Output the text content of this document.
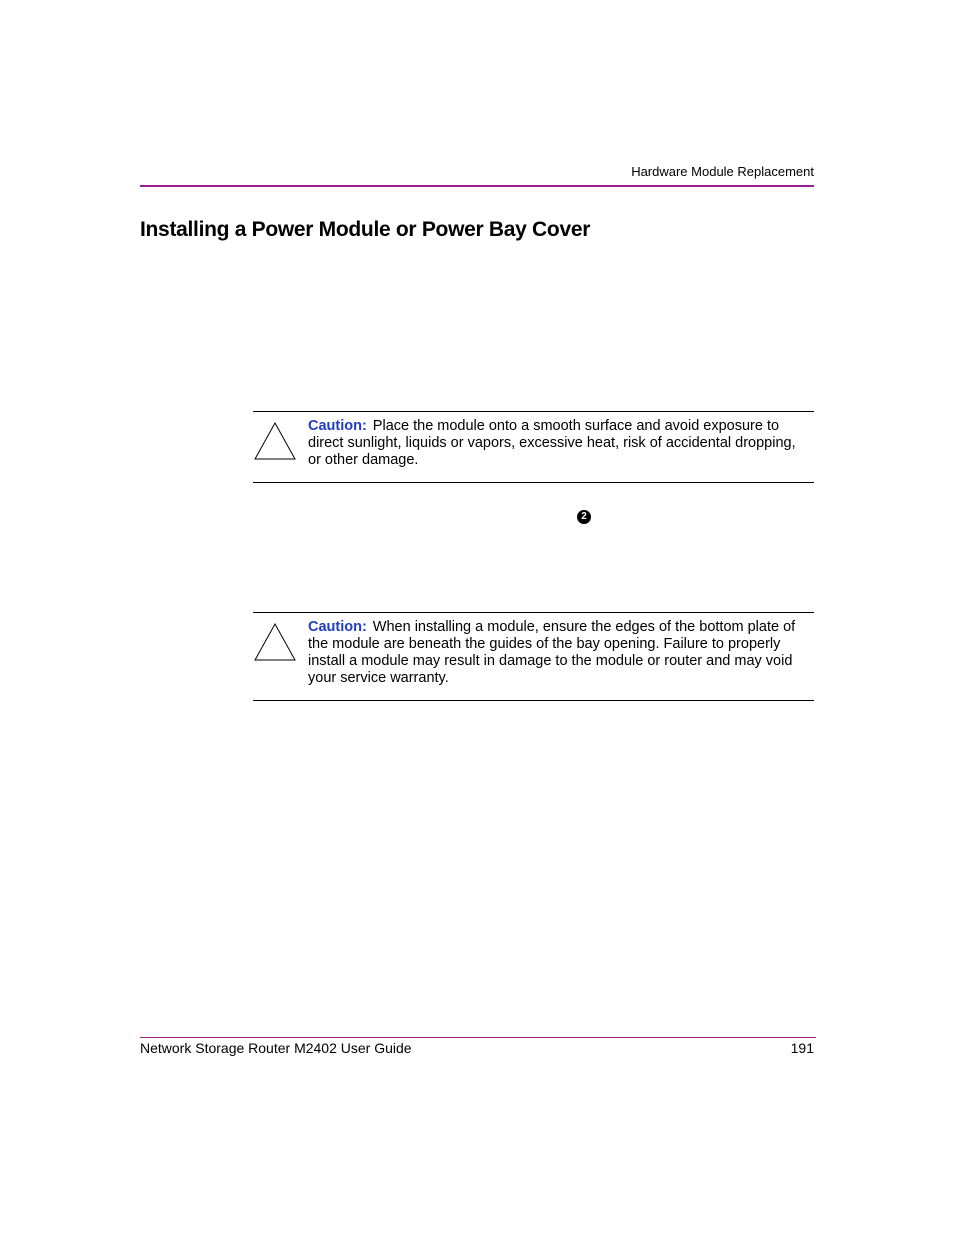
Hardware Module Replacement
Installing a Power Module or Power Bay Cover
Caution: Place the module onto a smooth surface and avoid exposure to direct sunlight, liquids or vapors, excessive heat, risk of accidental dropping, or other damage.
2
Caution: When installing a module, ensure the edges of the bottom plate of the module are beneath the guides of the bay opening. Failure to properly install a module may result in damage to the module or router and may void your service warranty.
Network Storage Router M2402 User Guide	191
